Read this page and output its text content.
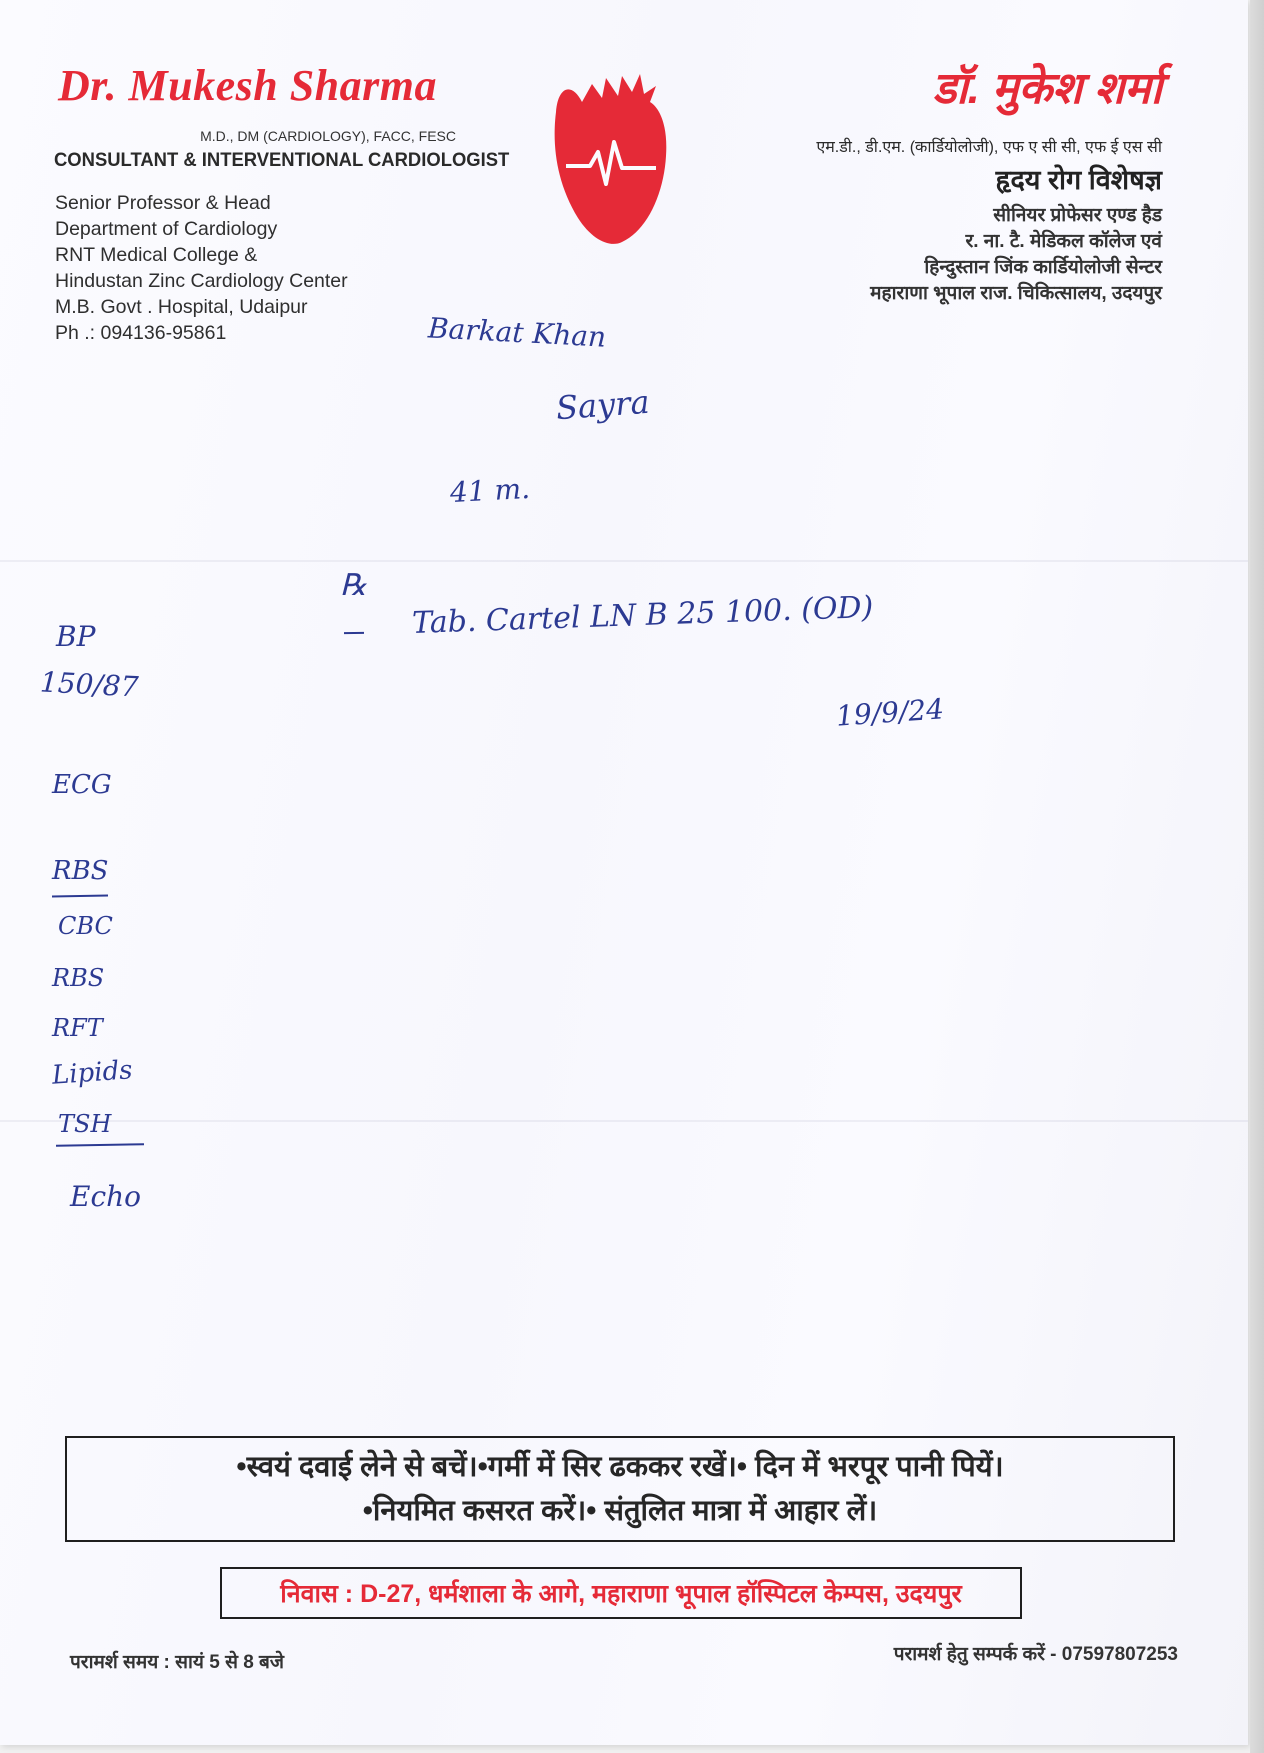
Dr. Mukesh Sharma
M.D., DM (CARDIOLOGY), FACC, FESC
CONSULTANT & INTERVENTIONAL CARDIOLOGIST
Senior Professor & Head
Department of Cardiology
RNT Medical College &
Hindustan Zinc Cardiology Center
M.B. Govt . Hospital, Udaipur
Ph .: 094136-95861
डॉ. मुकेश शर्मा
एम.डी., डी.एम. (कार्डियोलोजी), एफ ए सी सी, एफ ई एस सी
हृदय रोग विशेषज्ञ
सीनियर प्रोफेसर एण्ड हैड
र. ना. टै. मेडिकल कॉलेज एवं
हिन्दुस्तान जिंक कार्डियोलोजी सेन्टर
महाराणा भूपाल राज. चिकित्सालय, उदयपुर
Barkat Khan
Sayra
41 m.
℞
Tab. Cartel LN B 25 100. (OD)
19/9/24
BP
150/87
ECG
RBS
CBC
RBS
RFT
Lipids
TSH
Echo
•स्वयं दवाई लेने से बचें।•गर्मी में सिर ढककर रखें।• दिन में भरपूर पानी पियें।
•नियमित कसरत करें।• संतुलित मात्रा में आहार लें।
निवास : D-27, धर्मशाला के आगे, महाराणा भूपाल हॉस्पिटल केम्पस, उदयपुर
परामर्श समय : सायं 5 से 8 बजे	परामर्श हेतु सम्पर्क करें - 07597807253
